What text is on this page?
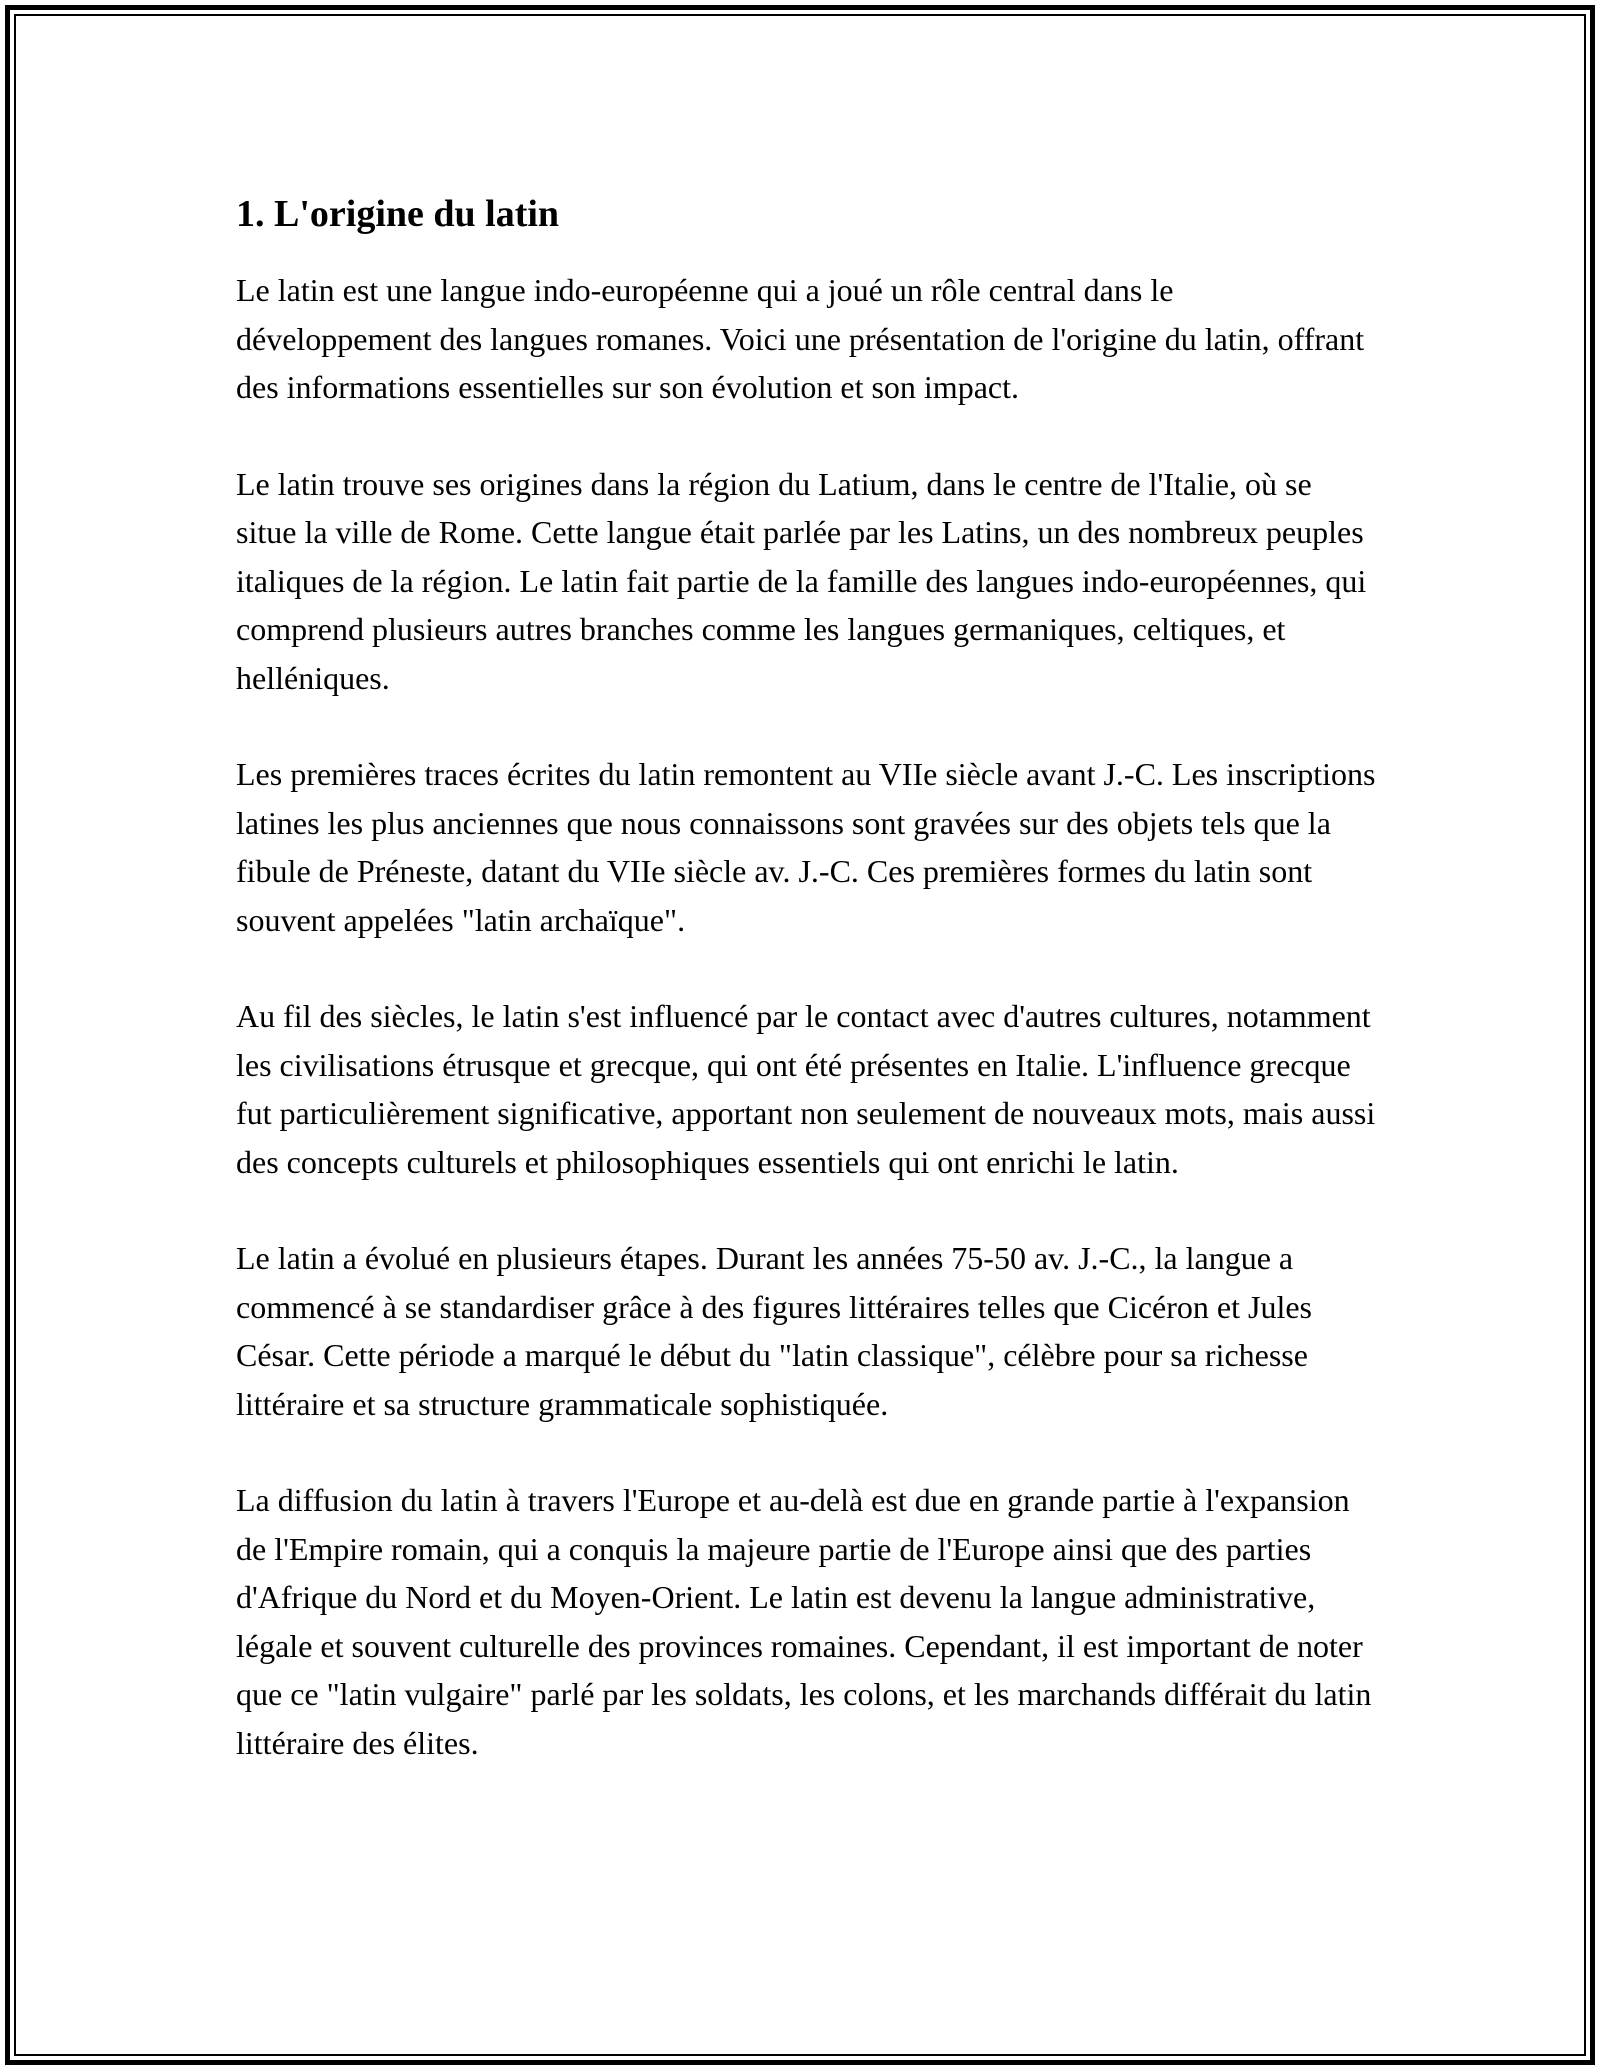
1. L'origine du latin

Le latin est une langue indo-européenne qui a joué un rôle central dans le développement des langues romanes. Voici une présentation de l'origine du latin, offrant des informations essentielles sur son évolution et son impact.

Le latin trouve ses origines dans la région du Latium, dans le centre de l'Italie, où se situe la ville de Rome. Cette langue était parlée par les Latins, un des nombreux peuples italiques de la région. Le latin fait partie de la famille des langues indo-européennes, qui comprend plusieurs autres branches comme les langues germaniques, celtiques, et helléniques.

Les premières traces écrites du latin remontent au VIIe siècle avant J.-C. Les inscriptions latines les plus anciennes que nous connaissons sont gravées sur des objets tels que la fibule de Préneste, datant du VIIe siècle av. J.-C. Ces premières formes du latin sont souvent appelées "latin archaïque".

Au fil des siècles, le latin s'est influencé par le contact avec d'autres cultures, notamment les civilisations étrusque et grecque, qui ont été présentes en Italie. L'influence grecque fut particulièrement significative, apportant non seulement de nouveaux mots, mais aussi des concepts culturels et philosophiques essentiels qui ont enrichi le latin.

Le latin a évolué en plusieurs étapes. Durant les années 75-50 av. J.-C., la langue a commencé à se standardiser grâce à des figures littéraires telles que Cicéron et Jules César. Cette période a marqué le début du "latin classique", célèbre pour sa richesse littéraire et sa structure grammaticale sophistiquée.

La diffusion du latin à travers l'Europe et au-delà est due en grande partie à l'expansion de l'Empire romain, qui a conquis la majeure partie de l'Europe ainsi que des parties d'Afrique du Nord et du Moyen-Orient. Le latin est devenu la langue administrative, légale et souvent culturelle des provinces romaines. Cependant, il est important de noter que ce "latin vulgaire" parlé par les soldats, les colons, et les marchands différait du latin littéraire des élites.
